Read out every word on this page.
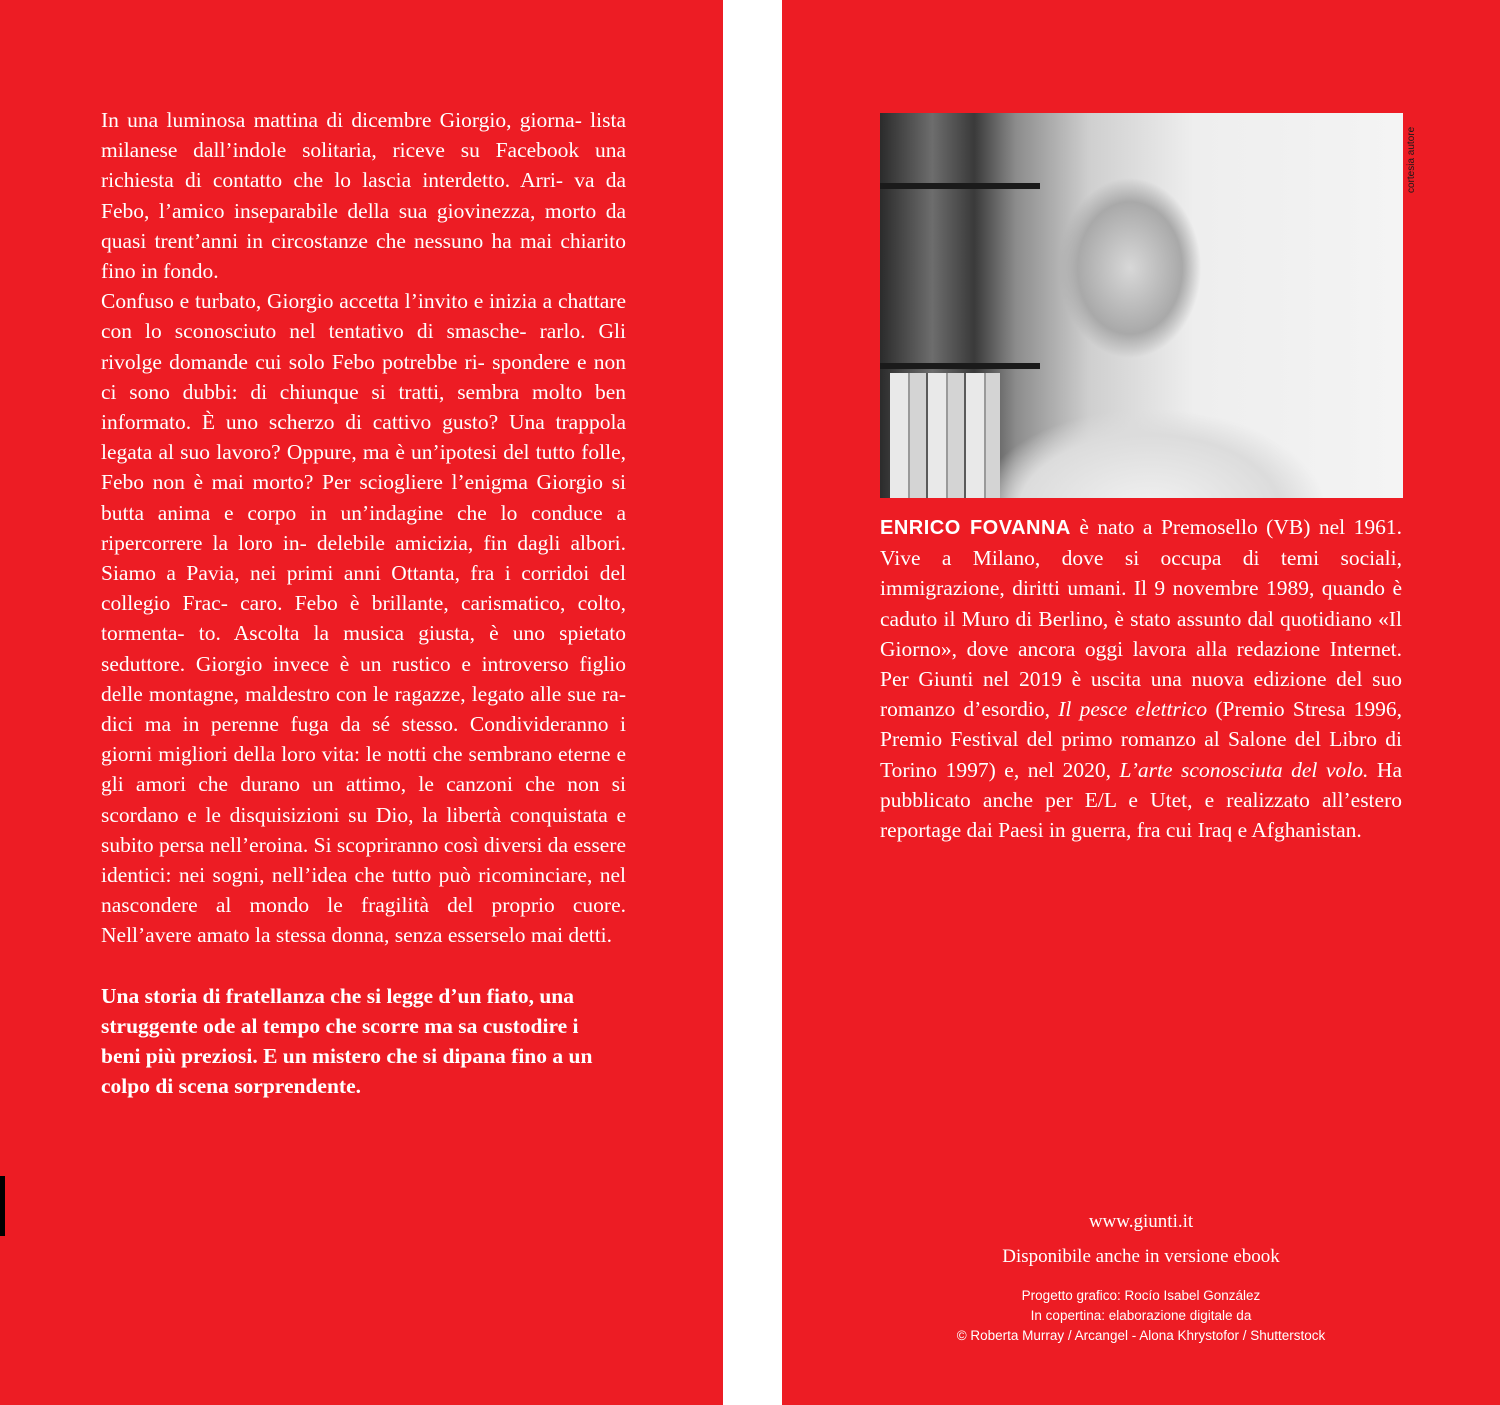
In una luminosa mattina di dicembre Giorgio, giorna- lista milanese dall’indole solitaria, riceve su Facebook una richiesta di contatto che lo lascia interdetto. Arri- va da Febo, l’amico inseparabile della sua giovinezza, morto da quasi trent’anni in circostanze che nessuno ha mai chiarito fino in fondo.
Confuso e turbato, Giorgio accetta l’invito e inizia a chattare con lo sconosciuto nel tentativo di smasche- rarlo. Gli rivolge domande cui solo Febo potrebbe ri- spondere e non ci sono dubbi: di chiunque si tratti, sembra molto ben informato. È uno scherzo di cattivo gusto? Una trappola legata al suo lavoro? Oppure, ma è un’ipotesi del tutto folle, Febo non è mai morto? Per sciogliere l’enigma Giorgio si butta anima e corpo in un’indagine che lo conduce a ripercorrere la loro in- delebile amicizia, fin dagli albori. Siamo a Pavia, nei primi anni Ottanta, fra i corridoi del collegio Frac- caro. Febo è brillante, carismatico, colto, tormenta- to. Ascolta la musica giusta, è uno spietato seduttore. Giorgio invece è un rustico e introverso figlio delle montagne, maldestro con le ragazze, legato alle sue ra- dici ma in perenne fuga da sé stesso. Condivideranno i giorni migliori della loro vita: le notti che sembrano eterne e gli amori che durano un attimo, le canzoni che non si scordano e le disquisizioni su Dio, la libertà conquistata e subito persa nell’eroina. Si scopriranno così diversi da essere identici: nei sogni, nell’idea che tutto può ricominciare, nel nascondere al mondo le fragilità del proprio cuore. Nell’avere amato la stessa donna, senza esserselo mai detti.

Una storia di fratellanza che si legge d’un fiato, una
struggente ode al tempo che scorre ma sa custodire i
beni più preziosi. E un mistero che si dipana fino a un
colpo di scena sorprendente.

cortesia autore
ENRICO FOVANNA è nato a Premosello (VB) nel 1961. Vive a Milano, dove si occupa di temi sociali, immigrazione, diritti umani. Il 9 novembre 1989, quando è caduto il Muro di Berlino, è stato assunto dal quotidiano «Il Giorno», dove ancora oggi lavora alla redazione Internet. Per Giunti nel 2019 è uscita una nuova edizione del suo romanzo d’esordio, Il pesce elettrico (Premio Stresa 1996, Premio Festival del primo romanzo al Salone del Libro di Torino 1997) e, nel 2020, L’arte sconosciuta del volo. Ha pubblicato anche per E/L e Utet, e realizzato all’estero reportage dai Paesi in guerra, fra cui Iraq e Afghanistan.
www.giunti.it
Disponibile anche in versione ebook
Progetto grafico: Rocío Isabel González
In copertina: elaborazione digitale da
© Roberta Murray / Arcangel - Alona Khrystofor / Shutterstock
